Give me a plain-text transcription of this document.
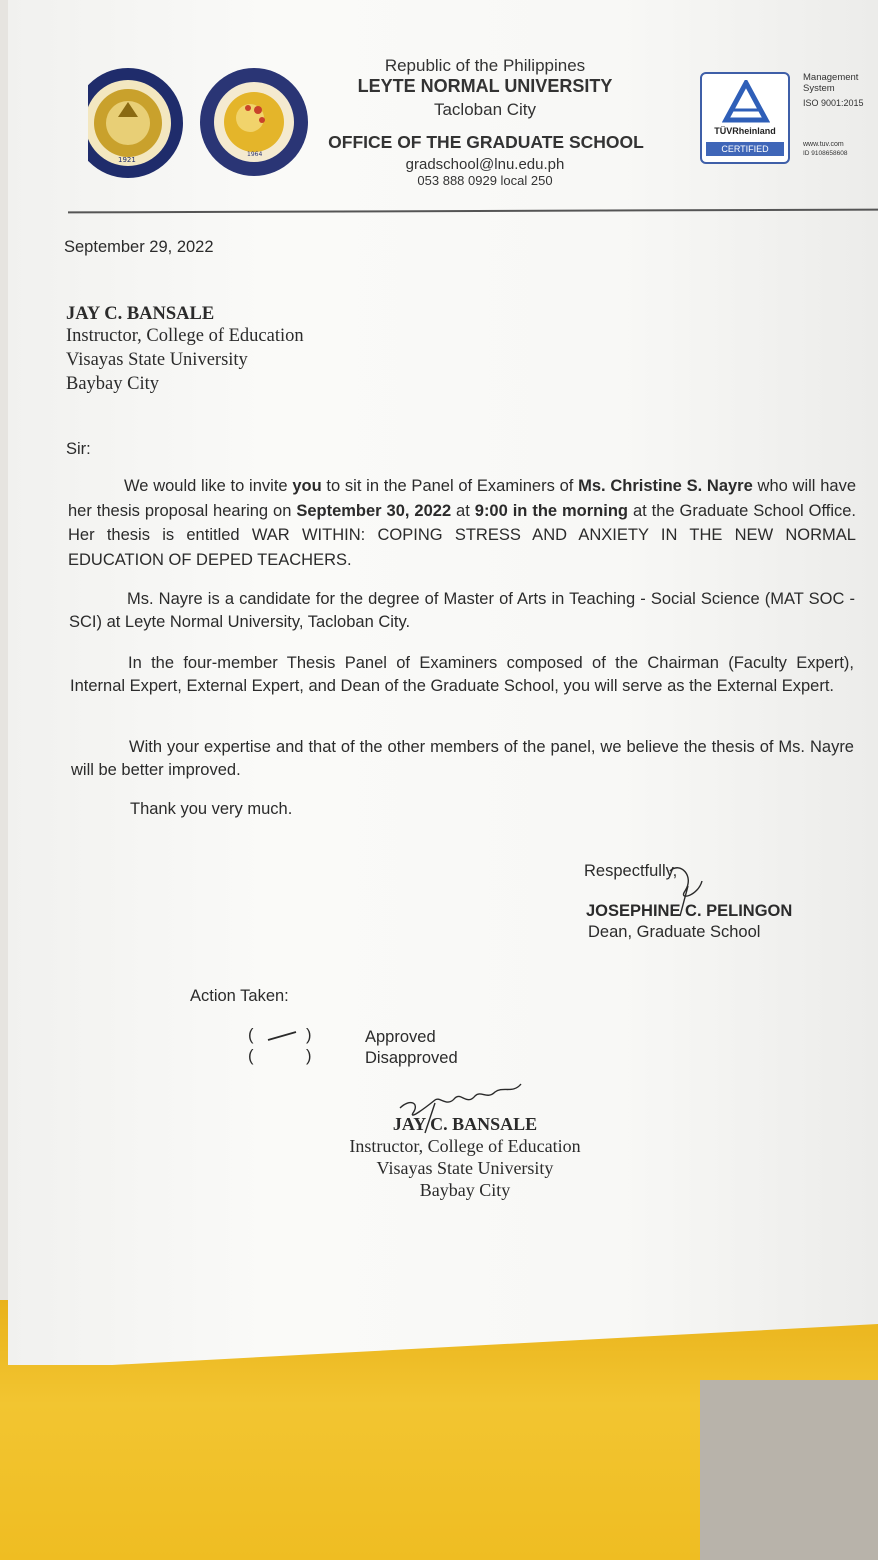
1921
1964
Republic of the Philippines
LEYTE NORMAL UNIVERSITY
Tacloban City
OFFICE OF THE GRADUATE SCHOOL
gradschool@lnu.edu.ph
053 888 0929 local 250
TÜVRheinland
CERTIFIED
Management System
ISO 9001:2015
www.tuv.com
ID 9108658608
September 29, 2022
JAY C. BANSALE
Instructor, College of Education
Visayas State University
Baybay City
Sir:
We would like to invite you to sit in the Panel of Examiners of Ms. Christine S. Nayre who will have her thesis proposal hearing on September 30, 2022 at 9:00 in the morning at the Graduate School Office. Her thesis is entitled WAR WITHIN: COPING STRESS AND ANXIETY IN THE NEW NORMAL EDUCATION OF DEPED TEACHERS.
Ms. Nayre is a candidate for the degree of Master of Arts in Teaching - Social Science (MAT SOC - SCI) at Leyte Normal University, Tacloban City.
In the four-member Thesis Panel of Examiners composed of the Chairman (Faculty Expert), Internal Expert, External Expert, and Dean of the Graduate School, you will serve as the External Expert.
With your expertise and that of the other members of the panel, we believe the thesis of Ms. Nayre will be better improved.
Thank you very much.
Respectfully,
JOSEPHINE C. PELINGON
Dean, Graduate School
Action Taken:
(	)	Approved
(	)	Disapproved
JAY C. BANSALE
Instructor, College of Education
Visayas State University
Baybay City
